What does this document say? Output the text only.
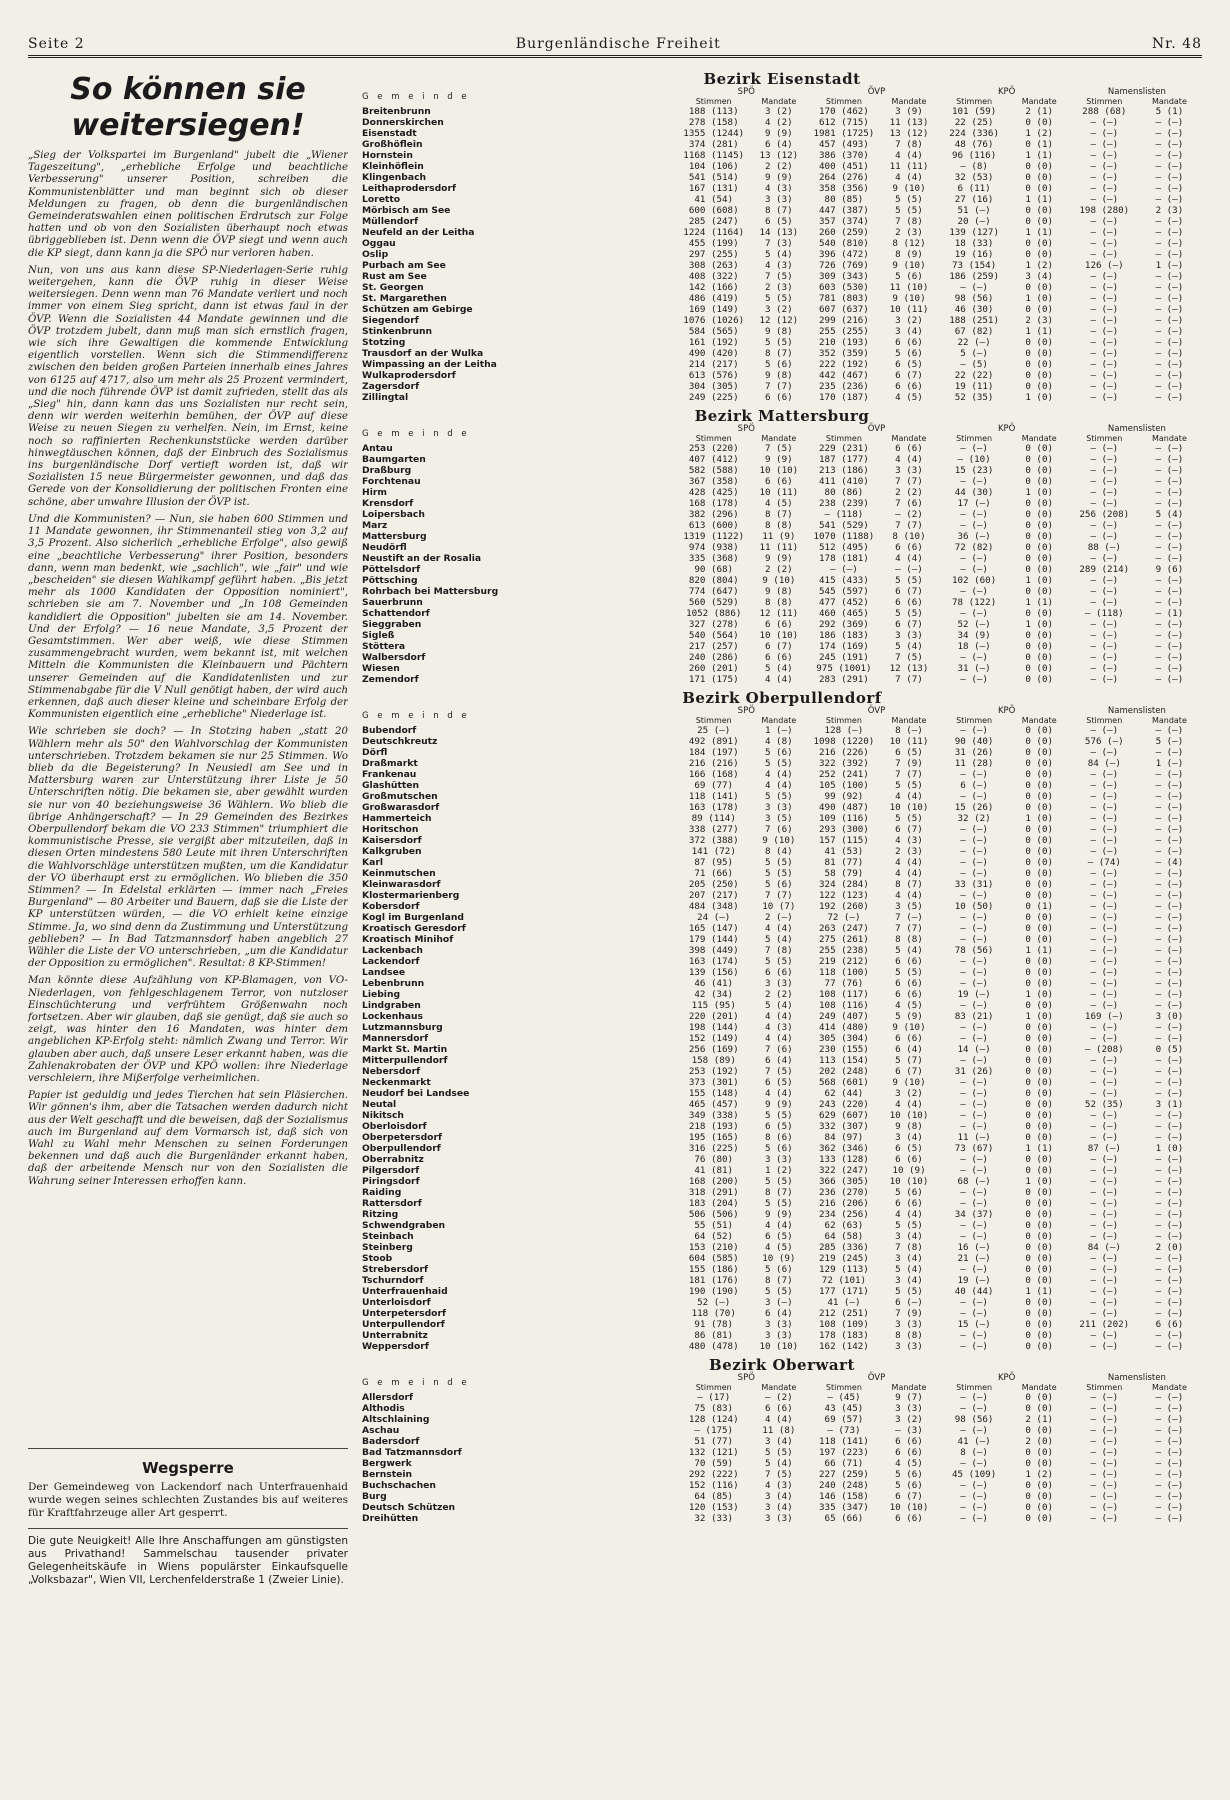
Seite 2	Burgenländische Freiheit	Nr. 48
So können sie weitersiegen!

„Sieg der Volkspartei im Burgenland" jubelt die „Wiener Tageszeitung", „erhebliche Erfolge und beachtliche Verbesserung" unserer Position, schreiben die Kommunistenblätter und man beginnt sich ob dieser Meldungen zu fragen, ob denn die burgenländischen Gemeinderatswahlen einen politischen Erdrutsch zur Folge hatten und ob von den Sozialisten überhaupt noch etwas übriggeblieben ist. Denn wenn die ÖVP siegt und wenn auch die KP siegt, dann kann ja die SPÖ nur verloren haben.

Nun, von uns aus kann diese SP-Niederlagen-Serie ruhig weitergehen, kann die ÖVP ruhig in dieser Weise weitersiegen. Denn wenn man 76 Mandate verliert und noch immer von einem Sieg spricht, dann ist etwas faul in der ÖVP. Wenn die Sozialisten 44 Mandate gewinnen und die ÖVP trotzdem jubelt, dann muß man sich ernstlich fragen, wie sich ihre Gewaltigen die kommende Entwicklung eigentlich vorstellen. Wenn sich die Stimmendifferenz zwischen den beiden großen Parteien innerhalb eines Jahres von 6125 auf 4717, also um mehr als 25 Prozent vermindert, und die noch führende ÖVP ist damit zufrieden, stellt das als „Sieg" hin, dann kann das uns Sozialisten nur recht sein, denn wir werden weiterhin bemühen, der ÖVP auf diese Weise zu neuen Siegen zu verhelfen. Nein, im Ernst, keine noch so raffinierten Rechenkunststücke werden darüber hinwegtäuschen können, daß der Einbruch des Sozialismus ins burgenländische Dorf vertieft worden ist, daß wir Sozialisten 15 neue Bürgermeister gewonnen, und daß das Gerede von der Konsolidierung der politischen Fronten eine schöne, aber unwahre Illusion der ÖVP ist.

Und die Kommunisten? — Nun, sie haben 600 Stimmen und 11 Mandate gewonnen, ihr Stimmenanteil stieg von 3,2 auf 3,5 Prozent. Also sicherlich „erhebliche Erfolge", also gewiß eine „beachtliche Verbesserung" ihrer Position, besonders dann, wenn man bedenkt, wie „sachlich", wie „fair" und wie „bescheiden" sie diesen Wahlkampf geführt haben. „Bis jetzt mehr als 1000 Kandidaten der Opposition nominiert", schrieben sie am 7. November und „In 108 Gemeinden kandidiert die Opposition" jubelten sie am 14. November. Und der Erfolg? — 16 neue Mandate, 3,5 Prozent der Gesamtstimmen. Wer aber weiß, wie diese Stimmen zusammengebracht wurden, wem bekannt ist, mit welchen Mitteln die Kommunisten die Kleinbauern und Pächtern unserer Gemeinden auf die Kandidatenlisten und zur Stimmenabgabe für die V Null genötigt haben, der wird auch erkennen, daß auch dieser kleine und scheinbare Erfolg der Kommunisten eigentlich eine „erhebliche" Niederlage ist.

Wie schrieben sie doch? — In Stotzing haben „statt 20 Wählern mehr als 50" den Wahlvorschlag der Kommunisten unterschrieben. Trotzdem bekamen sie nur 25 Stimmen. Wo blieb da die Begeisterung? In Neusiedl am See und in Mattersburg waren zur Unterstützung ihrer Liste je 50 Unterschriften nötig. Die bekamen sie, aber gewählt wurden sie nur von 40 beziehungsweise 36 Wählern. Wo blieb die übrige Anhängerschaft? — In 29 Gemeinden des Bezirkes Oberpullendorf bekam die VO 233 Stimmen" triumphiert die kommunistische Presse, sie vergißt aber mitzuteilen, daß in diesen Orten mindestens 580 Leute mit ihren Unterschriften die Wahlvorschläge unterstützen mußten, um die Kandidatur der VO überhaupt erst zu ermöglichen. Wo blieben die 350 Stimmen? — In Edelstal erklärten — immer nach „Freies Burgenland" — 80 Arbeiter und Bauern, daß sie die Liste der KP unterstützen würden, — die VO erhielt keine einzige Stimme. Ja, wo sind denn da Zustimmung und Unterstützung geblieben? — In Bad Tatzmannsdorf haben angeblich 27 Wähler die Liste der VO unterschrieben, „um die Kandidatur der Opposition zu ermöglichen". Resultat: 8 KP-Stimmen!

Man könnte diese Aufzählung von KP-Blamagen, von VO-Niederlagen, von fehlgeschlagenem Terror, von nutzloser Einschüchterung und verfrühtem Größenwahn noch fortsetzen. Aber wir glauben, daß sie genügt, daß sie auch so zeigt, was hinter den 16 Mandaten, was hinter dem angeblichen KP-Erfolg steht: nämlich Zwang und Terror. Wir glauben aber auch, daß unsere Leser erkannt haben, was die Zahlenakrobaten der ÖVP und KPÖ wollen: ihre Niederlage verschleiern, ihre Mißerfolge verheimlichen.

Papier ist geduldig und jedes Tierchen hat sein Pläsierchen. Wir gönnen's ihm, aber die Tatsachen werden dadurch nicht aus der Welt geschafft und die beweisen, daß der Sozialismus auch im Burgenland auf dem Vormarsch ist, daß sich von Wahl zu Wahl mehr Menschen zu seinen Forderungen bekennen und daß auch die Burgenländer erkannt haben, daß der arbeitende Mensch nur von den Sozialisten die Wahrung seiner Interessen erhoffen kann.

Wegsperre

Der Gemeindeweg von Lackendorf nach Unterfrauenhaid wurde wegen seines schlechten Zustandes bis auf weiteres für Kraftfahrzeuge aller Art gesperrt.

Die gute Neuigkeit! Alle Ihre Anschaffungen am günstigsten aus Privathand! Sammelschau tausender privater Gelegenheitskäufe in Wiens populärster Einkaufsquelle „Volksbazar", Wien VII, Lerchenfelderstraße 1 (Zweier Linie).
Bezirk Eisenstadt
G e m e i n d e	SPÖ		ÖVP		KPÖ		Namenslisten	
	Stimmen	Mandate	Stimmen	Mandate	Stimmen	Mandate	Stimmen	Mandate
Breitenbrunn	188 (113)	3 (2)	170 (462)	3 (9)	101 (59)	2 (1)	288 (68)	5 (1)
Donnerskirchen	278 (158)	4 (2)	612 (715)	11 (13)	22 (25)	0 (0)	— (—)	— (—)
Eisenstadt	1355 (1244)	9 (9)	1981 (1725)	13 (12)	224 (336)	1 (2)	— (—)	— (—)
Großhöflein	374 (281)	6 (4)	457 (493)	7 (8)	48 (76)	0 (1)	— (—)	— (—)
Hornstein	1168 (1145)	13 (12)	386 (370)	4 (4)	96 (116)	1 (1)	— (—)	— (—)
Kleinhöflein	104 (106)	2 (2)	400 (451)	11 (11)	— (8)	0 (0)	— (—)	— (—)
Klingenbach	541 (514)	9 (9)	264 (276)	4 (4)	32 (53)	0 (0)	— (—)	— (—)
Leithaprodersdorf	167 (131)	4 (3)	358 (356)	9 (10)	6 (11)	0 (0)	— (—)	— (—)
Loretto	41 (54)	3 (3)	80 (85)	5 (5)	27 (16)	1 (1)	— (—)	— (—)
Mörbisch am See	600 (608)	8 (7)	447 (387)	5 (5)	51 (—)	0 (0)	198 (280)	2 (3)
Müllendorf	285 (247)	6 (5)	357 (374)	7 (8)	20 (—)	0 (0)	— (—)	— (—)
Neufeld an der Leitha	1224 (1164)	14 (13)	260 (259)	2 (3)	139 (127)	1 (1)	— (—)	— (—)
Oggau	455 (199)	7 (3)	540 (810)	8 (12)	18 (33)	0 (0)	— (—)	— (—)
Oslip	297 (255)	5 (4)	396 (472)	8 (9)	19 (16)	0 (0)	— (—)	— (—)
Purbach am See	308 (263)	4 (3)	726 (769)	9 (10)	73 (154)	1 (2)	126 (—)	1 (—)
Rust am See	408 (322)	7 (5)	309 (343)	5 (6)	186 (259)	3 (4)	— (—)	— (—)
St. Georgen	142 (166)	2 (3)	603 (530)	11 (10)	— (—)	0 (0)	— (—)	— (—)
St. Margarethen	486 (419)	5 (5)	781 (803)	9 (10)	98 (56)	1 (0)	— (—)	— (—)
Schützen am Gebirge	169 (149)	3 (2)	607 (637)	10 (11)	46 (30)	0 (0)	— (—)	— (—)
Siegendorf	1076 (1026)	12 (12)	299 (216)	3 (2)	188 (251)	2 (3)	— (—)	— (—)
Stinkenbrunn	584 (565)	9 (8)	255 (255)	3 (4)	67 (82)	1 (1)	— (—)	— (—)
Stotzing	161 (192)	5 (5)	210 (193)	6 (6)	22 (—)	0 (0)	— (—)	— (—)
Trausdorf an der Wulka	490 (420)	8 (7)	352 (359)	5 (6)	5 (—)	0 (0)	— (—)	— (—)
Wimpassing an der Leitha	214 (217)	5 (6)	222 (192)	6 (5)	— (5)	0 (0)	— (—)	— (—)
Wulkaprodersdorf	613 (576)	9 (8)	442 (467)	6 (7)	22 (22)	0 (0)	— (—)	— (—)
Zagersdorf	304 (305)	7 (7)	235 (236)	6 (6)	19 (11)	0 (0)	— (—)	— (—)
Zillingtal	249 (225)	6 (6)	170 (187)	4 (5)	52 (35)	1 (0)	— (—)	— (—)
Bezirk Mattersburg
G e m e i n d e	SPÖ		ÖVP		KPÖ		Namenslisten	
	Stimmen	Mandate	Stimmen	Mandate	Stimmen	Mandate	Stimmen	Mandate
Antau	253 (220)	7 (5)	229 (231)	6 (6)	— (—)	0 (0)	— (—)	— (—)
Baumgarten	407 (412)	9 (9)	187 (177)	4 (4)	— (10)	0 (0)	— (—)	— (—)
Draßburg	582 (588)	10 (10)	213 (186)	3 (3)	15 (23)	0 (0)	— (—)	— (—)
Forchtenau	367 (358)	6 (6)	411 (410)	7 (7)	— (—)	0 (0)	— (—)	— (—)
Hirm	428 (425)	10 (11)	80 (86)	2 (2)	44 (30)	1 (0)	— (—)	— (—)
Krensdorf	168 (178)	4 (5)	238 (239)	7 (6)	17 (—)	0 (0)	— (—)	— (—)
Loipersbach	382 (296)	8 (7)	— (118)	— (2)	— (—)	0 (0)	256 (208)	5 (4)
Marz	613 (600)	8 (8)	541 (529)	7 (7)	— (—)	0 (0)	— (—)	— (—)
Mattersburg	1319 (1122)	11 (9)	1070 (1188)	8 (10)	36 (—)	0 (0)	— (—)	— (—)
Neudörfl	974 (938)	11 (11)	512 (495)	6 (6)	72 (82)	0 (0)	88 (—)	— (—)
Neustift an der Rosalia	335 (368)	9 (9)	178 (181)	4 (4)	— (—)	0 (0)	— (—)	— (—)
Pöttelsdorf	90 (68)	2 (2)	— (—)	— (—)	— (—)	0 (0)	289 (214)	9 (6)
Pöttsching	820 (804)	9 (10)	415 (433)	5 (5)	102 (60)	1 (0)	— (—)	— (—)
Rohrbach bei Mattersburg	774 (647)	9 (8)	545 (597)	6 (7)	— (—)	0 (0)	— (—)	— (—)
Sauerbrunn	560 (529)	8 (8)	477 (452)	6 (6)	78 (122)	1 (1)	— (—)	— (—)
Schattendorf	1052 (886)	12 (11)	460 (465)	5 (5)	— (—)	0 (0)	— (118)	— (1)
Sieggraben	327 (278)	6 (6)	292 (369)	6 (7)	52 (—)	1 (0)	— (—)	— (—)
Sigleß	540 (564)	10 (10)	186 (183)	3 (3)	34 (9)	0 (0)	— (—)	— (—)
Stöttera	217 (257)	6 (7)	174 (169)	5 (4)	18 (—)	0 (0)	— (—)	— (—)
Walbersdorf	240 (286)	6 (6)	245 (191)	7 (5)	— (—)	0 (0)	— (—)	— (—)
Wiesen	260 (201)	5 (4)	975 (1001)	12 (13)	31 (—)	0 (0)	— (—)	— (—)
Zemendorf	171 (175)	4 (4)	283 (291)	7 (7)	— (—)	0 (0)	— (—)	— (—)
Bezirk Oberpullendorf
G e m e i n d e	SPÖ		ÖVP		KPÖ		Namenslisten	
	Stimmen	Mandate	Stimmen	Mandate	Stimmen	Mandate	Stimmen	Mandate
Bubendorf	25 (—)	1 (—)	128 (—)	8 (—)	— (—)	0 (0)	— (—)	— (—)
Deutschkreutz	492 (891)	4 (8)	1098 (1220)	10 (11)	90 (40)	0 (0)	576 (—)	5 (—)
Dörfl	184 (197)	5 (6)	216 (226)	6 (5)	31 (26)	0 (0)	— (—)	— (—)
Draßmarkt	216 (216)	5 (5)	322 (392)	7 (9)	11 (28)	0 (0)	84 (—)	1 (—)
Frankenau	166 (168)	4 (4)	252 (241)	7 (7)	— (—)	0 (0)	— (—)	— (—)
Glashütten	69 (77)	4 (4)	105 (100)	5 (5)	6 (—)	0 (0)	— (—)	— (—)
Großmutschen	118 (141)	5 (5)	99 (92)	4 (4)	— (—)	0 (0)	— (—)	— (—)
Großwarasdorf	163 (178)	3 (3)	490 (487)	10 (10)	15 (26)	0 (0)	— (—)	— (—)
Hammerteich	89 (114)	3 (5)	109 (116)	5 (5)	32 (2)	1 (0)	— (—)	— (—)
Horitschon	338 (277)	7 (6)	293 (300)	6 (7)	— (—)	0 (0)	— (—)	— (—)
Kaisersdorf	372 (388)	9 (10)	157 (115)	4 (3)	— (—)	0 (0)	— (—)	— (—)
Kalkgruben	141 (72)	8 (4)	41 (53)	2 (3)	— (—)	0 (0)	— (—)	— (—)
Karl	87 (95)	5 (5)	81 (77)	4 (4)	— (—)	0 (0)	— (74)	— (4)
Keinmutschen	71 (66)	5 (5)	58 (79)	4 (4)	— (—)	0 (0)	— (—)	— (—)
Kleinwarasdorf	205 (250)	5 (6)	324 (284)	8 (7)	33 (31)	0 (0)	— (—)	— (—)
Klostermarienberg	207 (217)	7 (7)	122 (123)	4 (4)	— (—)	0 (0)	— (—)	— (—)
Kobersdorf	484 (348)	10 (7)	192 (260)	3 (5)	10 (50)	0 (1)	— (—)	— (—)
Kogl im Burgenland	24 (—)	2 (—)	72 (—)	7 (—)	— (—)	0 (0)	— (—)	— (—)
Kroatisch Geresdorf	165 (147)	4 (4)	263 (247)	7 (7)	— (—)	0 (0)	— (—)	— (—)
Kroatisch Minihof	179 (144)	5 (4)	275 (261)	8 (8)	— (—)	0 (0)	— (—)	— (—)
Lackenbach	398 (449)	7 (8)	255 (238)	5 (4)	78 (56)	1 (1)	— (—)	— (—)
Lackendorf	163 (174)	5 (5)	219 (212)	6 (6)	— (—)	0 (0)	— (—)	— (—)
Landsee	139 (156)	6 (6)	118 (100)	5 (5)	— (—)	0 (0)	— (—)	— (—)
Lebenbrunn	46 (41)	3 (3)	77 (76)	6 (6)	— (—)	0 (0)	— (—)	— (—)
Liebing	42 (34)	2 (2)	108 (117)	6 (6)	19 (—)	1 (0)	— (—)	— (—)
Lindgraben	115 (95)	5 (4)	108 (116)	4 (5)	— (—)	0 (0)	— (—)	— (—)
Lockenhaus	220 (201)	4 (4)	249 (407)	5 (9)	83 (21)	1 (0)	169 (—)	3 (0)
Lutzmannsburg	198 (144)	4 (3)	414 (480)	9 (10)	— (—)	0 (0)	— (—)	— (—)
Mannersdorf	152 (149)	4 (4)	305 (304)	6 (6)	— (—)	0 (0)	— (—)	— (—)
Markt St. Martin	256 (169)	7 (6)	230 (155)	6 (4)	14 (—)	0 (0)	— (208)	0 (5)
Mitterpullendorf	158 (89)	6 (4)	113 (154)	5 (7)	— (—)	0 (0)	— (—)	— (—)
Nebersdorf	253 (192)	7 (5)	202 (248)	6 (7)	31 (26)	0 (0)	— (—)	— (—)
Neckenmarkt	373 (301)	6 (5)	568 (601)	9 (10)	— (—)	0 (0)	— (—)	— (—)
Neudorf bei Landsee	155 (148)	4 (4)	62 (44)	3 (2)	— (—)	0 (0)	— (—)	— (—)
Neutal	465 (457)	9 (9)	243 (220)	4 (4)	— (—)	0 (0)	52 (35)	3 (1)
Nikitsch	349 (338)	5 (5)	629 (607)	10 (10)	— (—)	0 (0)	— (—)	— (—)
Oberloisdorf	218 (193)	6 (5)	332 (307)	9 (8)	— (—)	0 (0)	— (—)	— (—)
Oberpetersdorf	195 (165)	8 (6)	84 (97)	3 (4)	11 (—)	0 (0)	— (—)	— (—)
Oberpullendorf	316 (225)	5 (6)	362 (346)	6 (5)	73 (67)	1 (1)	87 (—)	1 (0)
Oberrabnitz	76 (80)	3 (3)	133 (128)	6 (6)	— (—)	0 (0)	— (—)	— (—)
Pilgersdorf	41 (81)	1 (2)	322 (247)	10 (9)	— (—)	0 (0)	— (—)	— (—)
Piringsdorf	168 (200)	5 (5)	366 (305)	10 (10)	68 (—)	1 (0)	— (—)	— (—)
Raiding	318 (291)	8 (7)	236 (270)	5 (6)	— (—)	0 (0)	— (—)	— (—)
Rattersdorf	183 (204)	5 (5)	216 (206)	6 (6)	— (—)	0 (0)	— (—)	— (—)
Ritzing	506 (506)	9 (9)	234 (256)	4 (4)	34 (37)	0 (0)	— (—)	— (—)
Schwendgraben	55 (51)	4 (4)	62 (63)	5 (5)	— (—)	0 (0)	— (—)	— (—)
Steinbach	64 (52)	6 (5)	64 (58)	3 (4)	— (—)	0 (0)	— (—)	— (—)
Steinberg	153 (210)	4 (5)	285 (336)	7 (8)	16 (—)	0 (0)	84 (—)	2 (0)
Stoob	604 (585)	10 (9)	219 (245)	3 (4)	21 (—)	0 (0)	— (—)	— (—)
Strebersdorf	155 (186)	5 (6)	129 (113)	5 (4)	— (—)	0 (0)	— (—)	— (—)
Tschurndorf	181 (176)	8 (7)	72 (101)	3 (4)	19 (—)	0 (0)	— (—)	— (—)
Unterfrauenhaid	190 (190)	5 (5)	177 (171)	5 (5)	40 (44)	1 (1)	— (—)	— (—)
Unterloisdorf	52 (—)	3 (—)	41 (—)	6 (—)	— (—)	0 (0)	— (—)	— (—)
Unterpetersdorf	118 (70)	6 (4)	212 (251)	7 (9)	— (—)	0 (0)	— (—)	— (—)
Unterpullendorf	91 (78)	3 (3)	108 (109)	3 (3)	15 (—)	0 (0)	211 (202)	6 (6)
Unterrabnitz	86 (81)	3 (3)	178 (183)	8 (8)	— (—)	0 (0)	— (—)	— (—)
Weppersdorf	480 (478)	10 (10)	162 (142)	3 (3)	— (—)	0 (0)	— (—)	— (—)
Bezirk Oberwart
G e m e i n d e	SPÖ		ÖVP		KPÖ		Namenslisten	
	Stimmen	Mandate	Stimmen	Mandate	Stimmen	Mandate	Stimmen	Mandate
Allersdorf	— (17)	— (2)	— (45)	9 (7)	— (—)	0 (0)	— (—)	— (—)
Althodis	75 (83)	6 (6)	43 (45)	3 (3)	— (—)	0 (0)	— (—)	— (—)
Altschlaining	128 (124)	4 (4)	69 (57)	3 (2)	98 (56)	2 (1)	— (—)	— (—)
Aschau	— (175)	11 (8)	— (73)	— (3)	— (—)	0 (0)	— (—)	— (—)
Badersdorf	51 (77)	3 (4)	118 (141)	6 (6)	41 (—)	2 (0)	— (—)	— (—)
Bad Tatzmannsdorf	132 (121)	5 (5)	197 (223)	6 (6)	8 (—)	0 (0)	— (—)	— (—)
Bergwerk	70 (59)	5 (4)	66 (71)	4 (5)	— (—)	0 (0)	— (—)	— (—)
Bernstein	292 (222)	7 (5)	227 (259)	5 (6)	45 (109)	1 (2)	— (—)	— (—)
Buchschachen	152 (116)	4 (3)	240 (248)	5 (6)	— (—)	0 (0)	— (—)	— (—)
Burg	64 (85)	3 (4)	146 (158)	6 (7)	— (—)	0 (0)	— (—)	— (—)
Deutsch Schützen	120 (153)	3 (4)	335 (347)	10 (10)	— (—)	0 (0)	— (—)	— (—)
Dreihütten	32 (33)	3 (3)	65 (66)	6 (6)	— (—)	0 (0)	— (—)	— (—)
